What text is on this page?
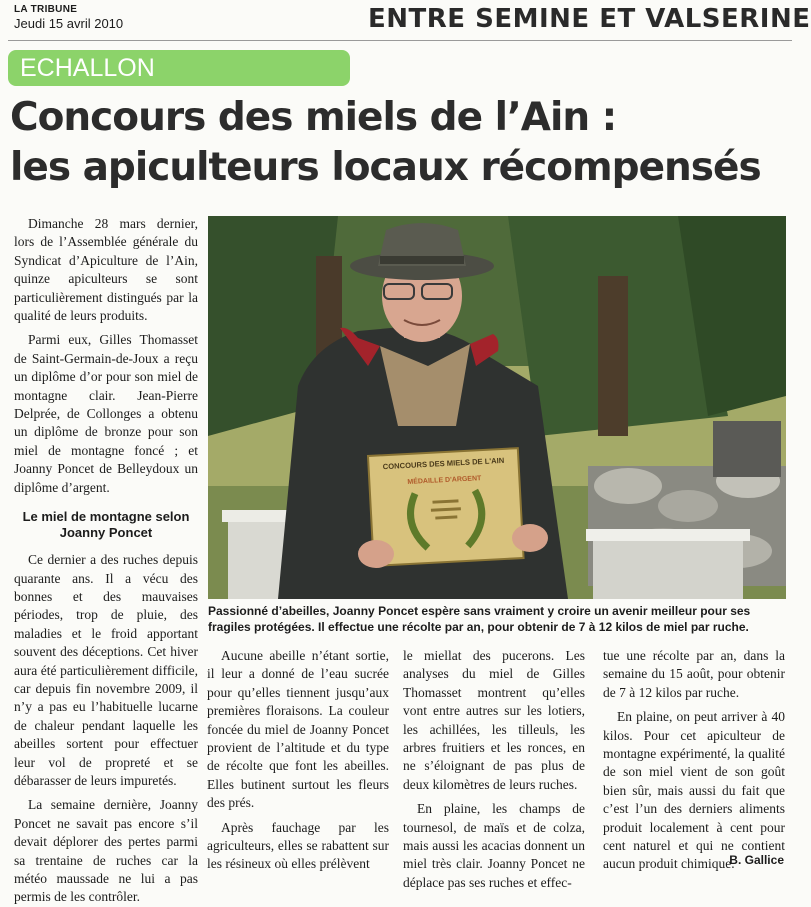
LA TRIBUNE
Jeudi 15 avril 2010	ENTRE SEMINE ET VALSERINE
ECHALLON
Concours des miels de l’Ain :
les apiculteurs locaux récompensés

Dimanche 28 mars dernier, lors de l’Assemblée générale du Syndicat d’Apiculture de l’Ain, quinze apiculteurs se sont particulièrement distingués par la qualité de leurs produits.

Parmi eux, Gilles Thomasset de Saint-Germain-de-Joux a reçu un diplôme d’or pour son miel de montagne clair. Jean-Pierre Delprée, de Collonges a obtenu un diplôme de bronze pour son miel de montagne foncé ; et Joanny Poncet de Belleydoux un diplôme d’argent.

Le miel de montagne selon Joanny Poncet

Ce dernier a des ruches depuis quarante ans. Il a vécu des bonnes et des mauvaises périodes, trop de pluie, des maladies et le froid apportant souvent des déceptions. Cet hiver aura été particulièrement difficile, car depuis fin novembre 2009, il n’y a pas eu l’habituelle lucarne de chaleur pendant laquelle les abeilles sortent pour effectuer leur vol de propreté et se débarasser de leurs impuretés.

La semaine dernière, Joanny Poncet ne savait pas encore s’il devait déplorer des pertes parmi sa trentaine de ruches car la météo maussade ne lui a pas permis de les contrôler.

CONCOURS DES MIELS DE L'AIN
MÉDAILLE D'ARGENT
Passionné d’abeilles, Joanny Poncet espère sans vraiment y croire un avenir meilleur pour ses fragiles protégées. Il effectue une récolte par an, pour obtenir de 7 à 12 kilos de miel par ruche.

Aucune abeille n’étant sortie, il leur a donné de l’eau sucrée pour qu’elles tiennent jusqu’aux premières floraisons. La couleur foncée du miel de Joanny Poncet provient de l’altitude et du type de récolte que font les abeilles. Elles butinent surtout les fleurs des prés.

Après fauchage par les agriculteurs, elles se rabattent sur les résineux où elles prélèvent

le miellat des pucerons. Les analyses du miel de Gilles Thomasset montrent qu’elles vont entre autres sur les lotiers, les achillées, les tilleuls, les arbres fruitiers et les ronces, en ne s’éloignant de pas plus de deux kilomètres de leurs ruches.

En plaine, les champs de tournesol, de maïs et de colza, mais aussi les acacias donnent un miel très clair. Joanny Poncet ne déplace pas ses ruches et effec-

tue une récolte par an, dans la semaine du 15 août, pour obtenir de 7 à 12 kilos par ruche.

En plaine, on peut arriver à 40 kilos. Pour cet apiculteur de montagne expérimenté, la qualité de son miel vient de son goût bien sûr, mais aussi du fait que c’est l’un des derniers aliments produit localement à cent pour cent naturel et qui ne contient aucun produit chimique.

B. Gallice
